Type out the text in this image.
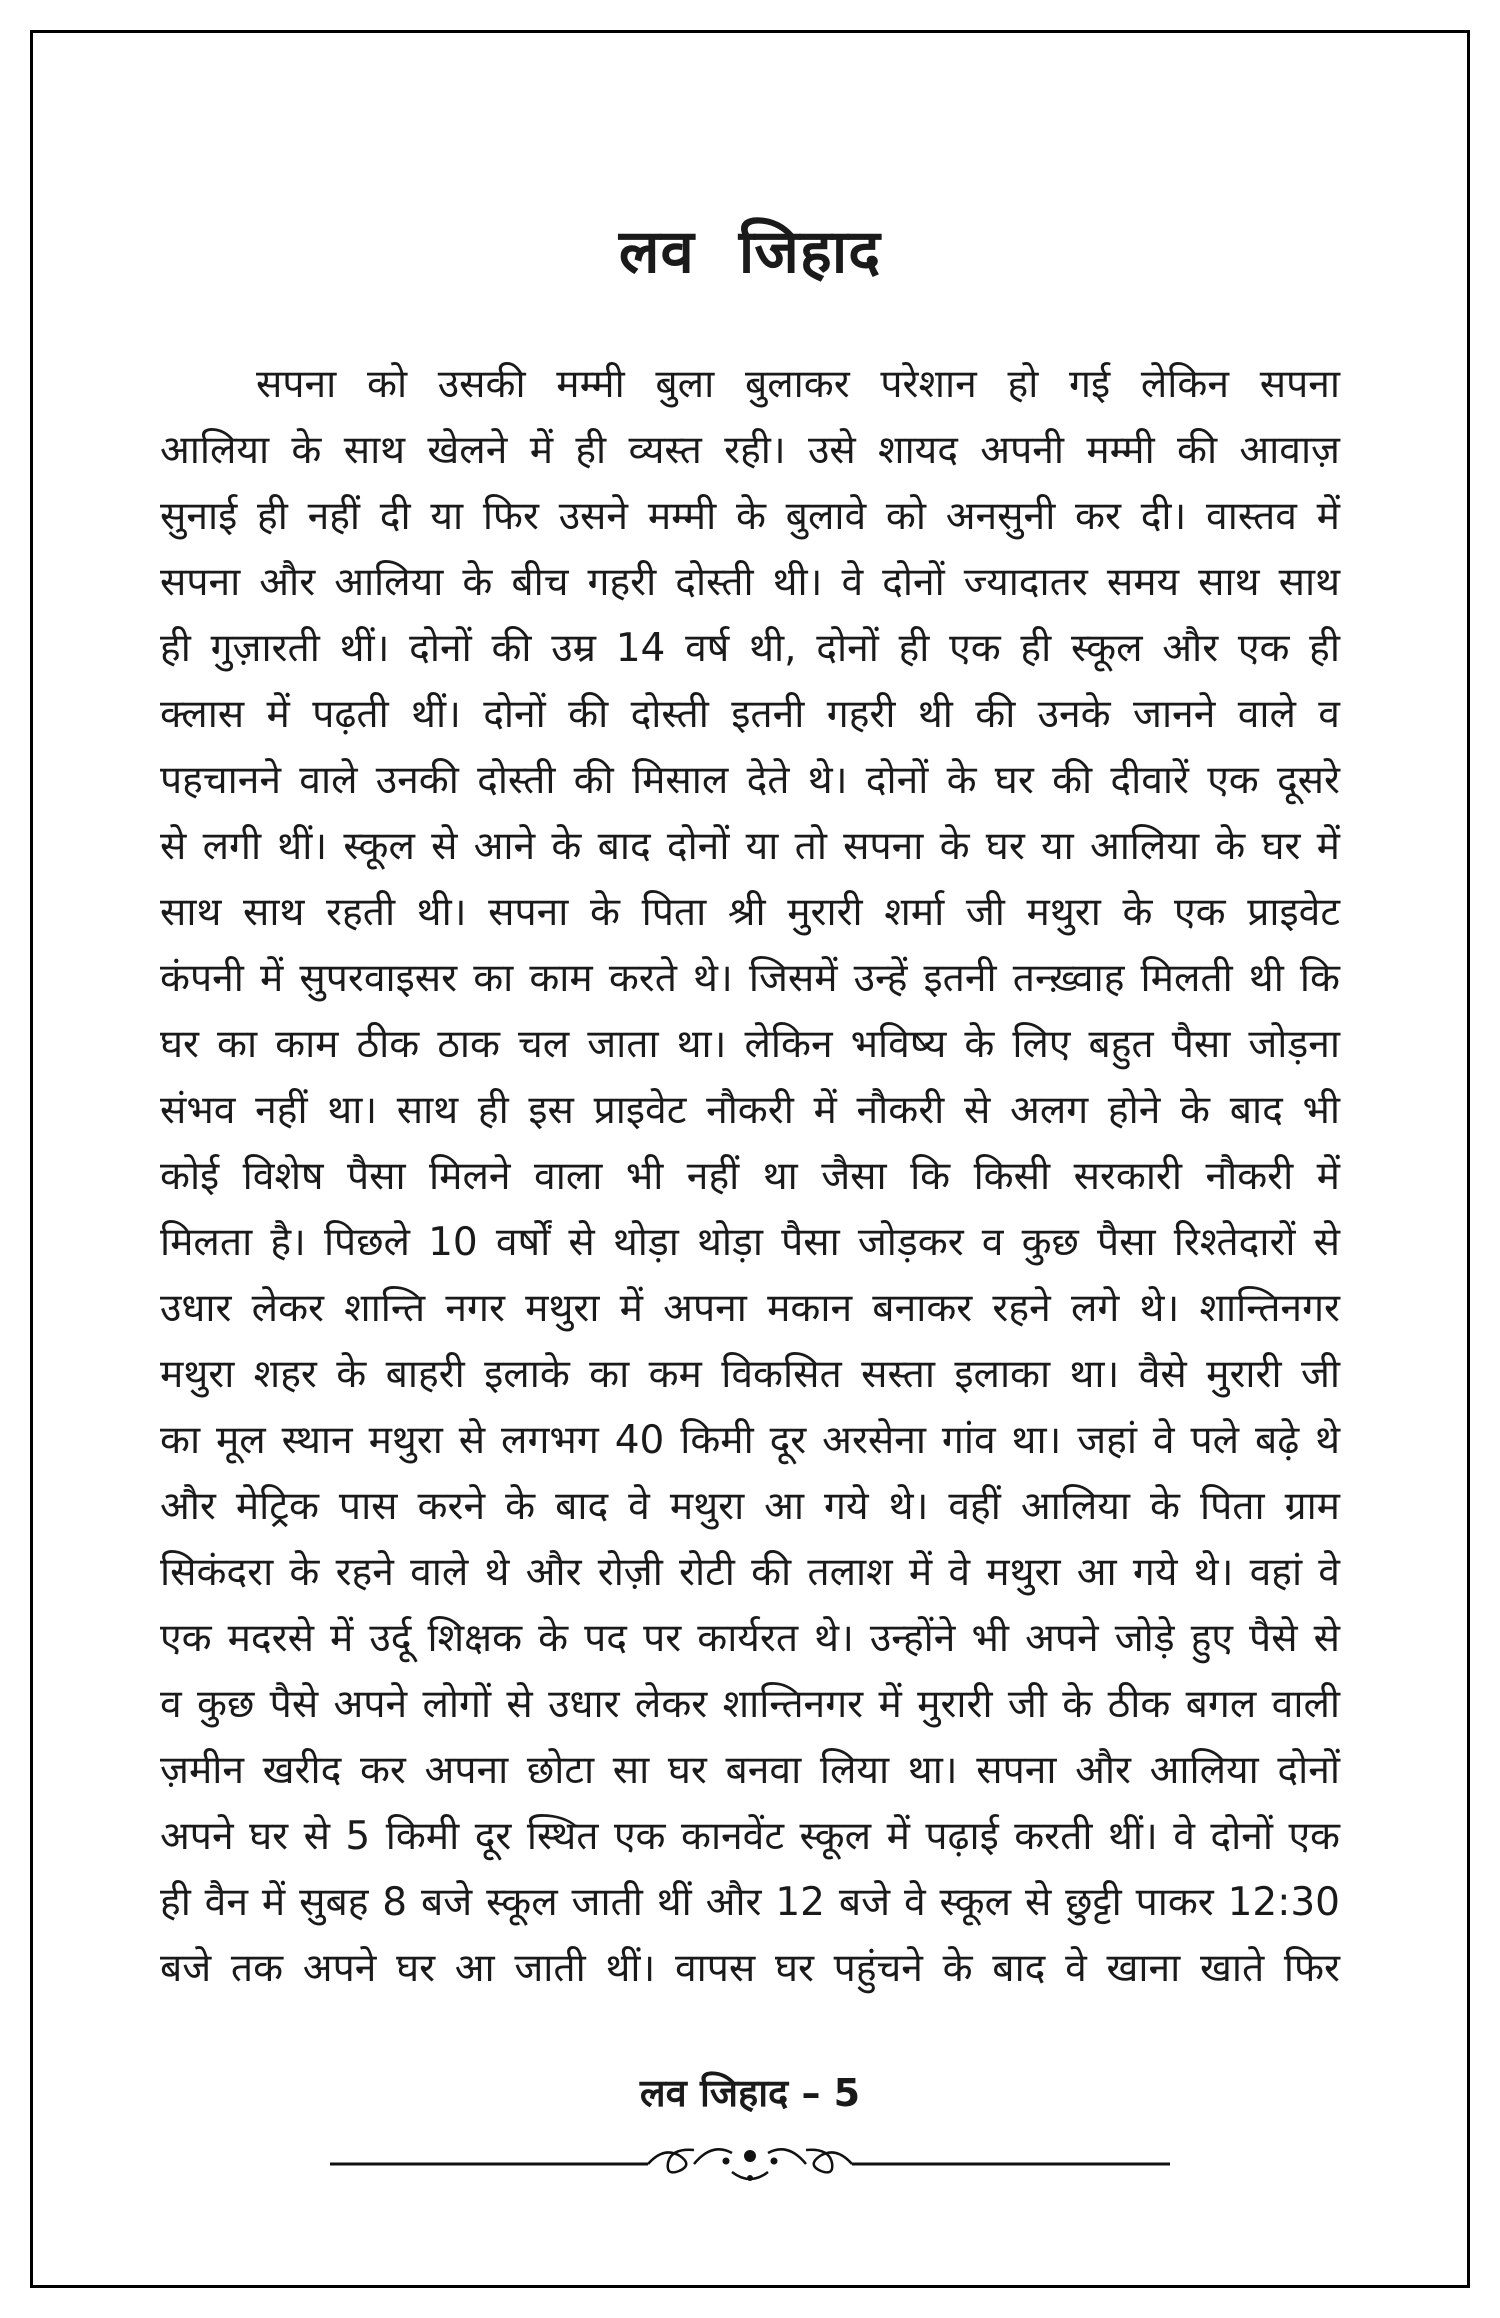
लव जिहाद
सपना को उसकी मम्मी बुला बुलाकर परेशान हो गई लेकिन सपना
आलिया के साथ खेलने में ही व्यस्त रही। उसे शायद अपनी मम्मी की आवाज़
सुनाई ही नहीं दी या फिर उसने मम्मी के बुलावे को अनसुनी कर दी। वास्तव में
सपना और आलिया के बीच गहरी दोस्ती थी। वे दोनों ज्यादातर समय साथ साथ
ही गुज़ारती थीं। दोनों की उम्र 14 वर्ष थी, दोनों ही एक ही स्कूल और एक ही
क्लास में पढ़ती थीं। दोनों की दोस्ती इतनी गहरी थी की उनके जानने वाले व
पहचानने वाले उनकी दोस्ती की मिसाल देते थे। दोनों के घर की दीवारें एक दूसरे
से लगी थीं। स्कूल से आने के बाद दोनों या तो सपना के घर या आलिया के घर में
साथ साथ रहती थी। सपना के पिता श्री मुरारी शर्मा जी मथुरा के एक प्राइवेट
कंपनी में सुपरवाइसर का काम करते थे। जिसमें उन्हें इतनी तन्ख़्वाह मिलती थी कि
घर का काम ठीक ठाक चल जाता था। लेकिन भविष्य के लिए बहुत पैसा जोड़ना
संभव नहीं था। साथ ही इस प्राइवेट नौकरी में नौकरी से अलग होने के बाद भी
कोई विशेष पैसा मिलने वाला भी नहीं था जैसा कि किसी सरकारी नौकरी में
मिलता है। पिछले 10 वर्षों से थोड़ा थोड़ा पैसा जोड़कर व कुछ पैसा रिश्तेदारों से
उधार लेकर शान्ति नगर मथुरा में अपना मकान बनाकर रहने लगे थे। शान्तिनगर
मथुरा शहर के बाहरी इलाके का कम विकसित सस्ता इलाका था। वैसे मुरारी जी
का मूल स्थान मथुरा से लगभग 40 किमी दूर अरसेना गांव था। जहां वे पले बढ़े थे
और मेट्रिक पास करने के बाद वे मथुरा आ गये थे। वहीं आलिया के पिता ग्राम
सिकंदरा के रहने वाले थे और रोज़ी रोटी की तलाश में वे मथुरा आ गये थे। वहां वे
एक मदरसे में उर्दू शिक्षक के पद पर कार्यरत थे। उन्होंने भी अपने जोड़े हुए पैसे से
व कुछ पैसे अपने लोगों से उधार लेकर शान्तिनगर में मुरारी जी के ठीक बगल वाली
ज़मीन खरीद कर अपना छोटा सा घर बनवा लिया था। सपना और आलिया दोनों
अपने घर से 5 किमी दूर स्थित एक कानवेंट स्कूल में पढ़ाई करती थीं। वे दोनों एक
ही वैन में सुबह 8 बजे स्कूल जाती थीं और 12 बजे वे स्कूल से छुट्टी पाकर 12:30
बजे तक अपने घर आ जाती थीं। वापस घर पहुंचने के बाद वे खाना खाते फिर
लव जिहाद – 5
